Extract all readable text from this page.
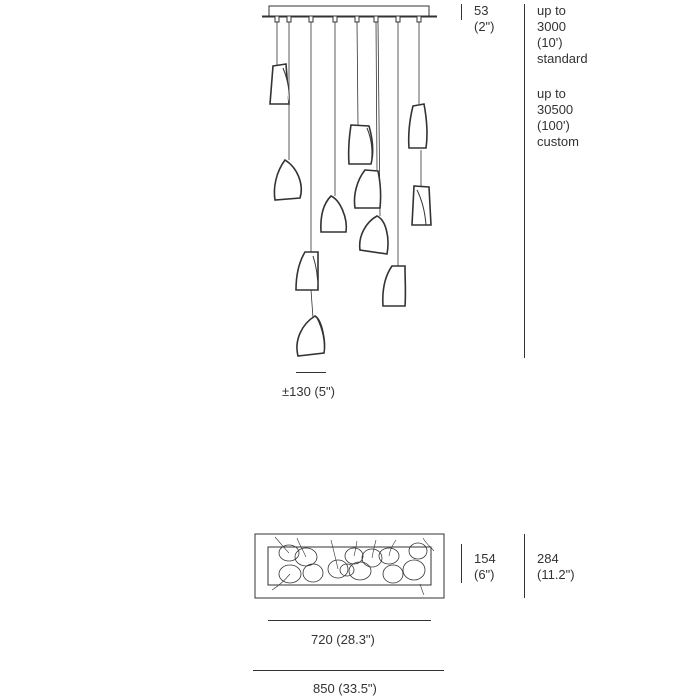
53
(2")
up to
3000
(10')
standard
up to
30500
(100')
custom
±130 (5")
154
(6")
284
(11.2")
720 (28.3")
850 (33.5")
